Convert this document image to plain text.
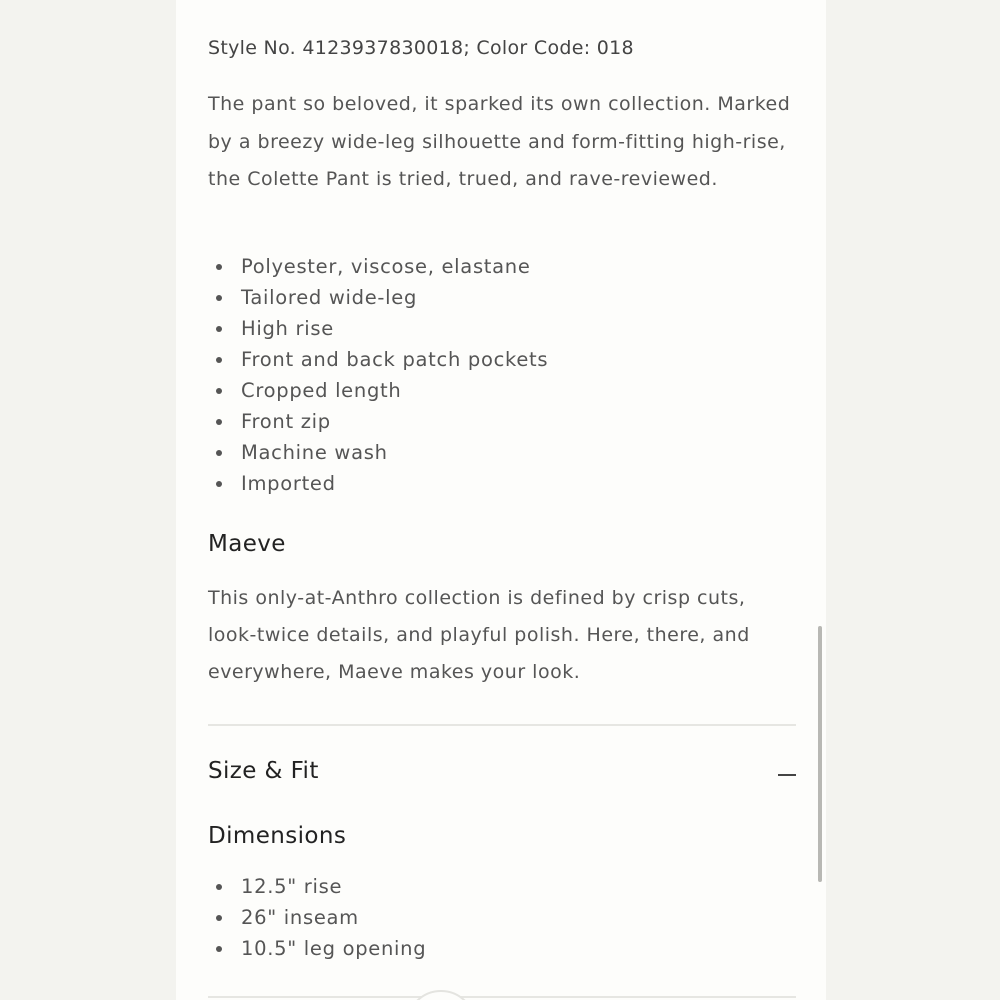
Style No. 4123937830018; Color Code: 018

The pant so beloved, it sparked its own collection. Marked by a breezy wide-leg silhouette and form-fitting high-rise, the Colette Pant is tried, trued, and rave-reviewed.

Polyester, viscose, elastane
Tailored wide-leg
High rise
Front and back patch pockets
Cropped length
Front zip
Machine wash
Imported
Maeve

This only-at-Anthro collection is defined by crisp cuts, look-twice details, and playful polish. Here, there, and everywhere, Maeve makes your look.

Size & Fit
Dimensions
12.5" rise
26" inseam
10.5" leg opening
